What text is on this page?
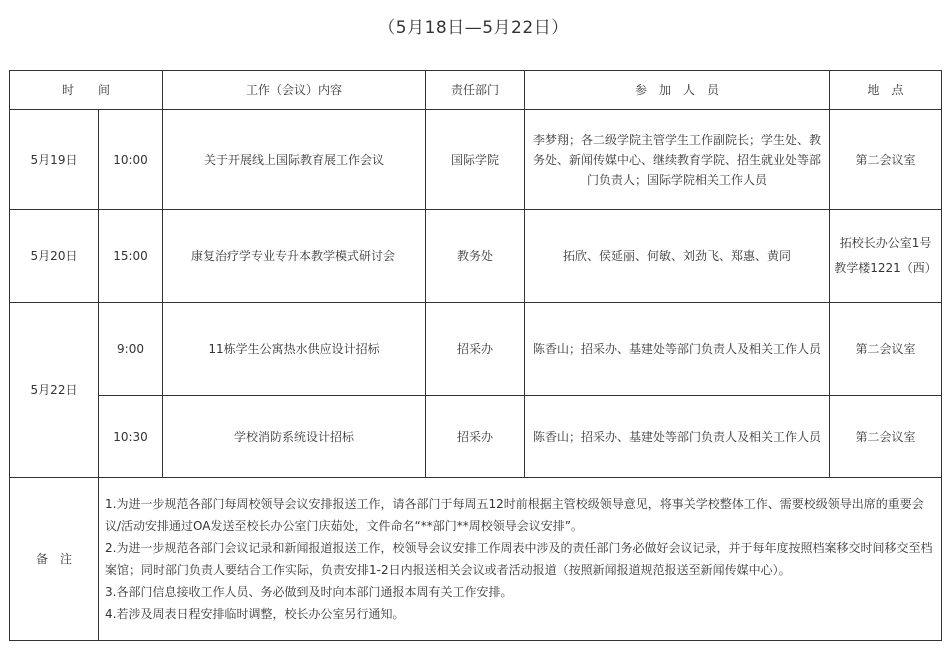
（5月18日—5月22日）
时　　间		工作（会议）内容	责任部门	参　加　人　员	地　点
5月19日	10:00	关于开展线上国际教育展工作会议	国际学院	李梦翔；各二级学院主管学生工作副院长；学生处、教务处、新闻传媒中心、继续教育学院、招生就业处等部门负责人；国际学院相关工作人员	第二会议室
5月20日	15:00	康复治疗学专业专升本教学模式研讨会	教务处	拓欣、侯延丽、何敏、刘劲飞、郑惠、黄同	拓校长办公室1号教学楼1221（西）
5月22日	9:00	11栋学生公寓热水供应设计招标	招采办	陈香山；招采办、基建处等部门负责人及相关工作人员	第二会议室
	10:30	学校消防系统设计招标	招采办	陈香山；招采办、基建处等部门负责人及相关工作人员	第二会议室
备　注	1.为进一步规范各部门每周校领导会议安排报送工作，请各部门于每周五12时前根据主管校级领导意见，将事关学校整体工作、需要校级领导出席的重要会议/活动安排通过OA发送至校长办公室门庆茹处，文件命名“**部门**周校领导会议安排”。
2.为进一步规范各部门会议记录和新闻报道报送工作，校领导会议安排工作周表中涉及的责任部门务必做好会议记录，并于每年度按照档案移交时间移交至档案馆；同时部门负责人要结合工作实际，负责安排1-2日内报送相关会议或者活动报道（按照新闻报道规范报送至新闻传媒中心）。
3.各部门信息接收工作人员、务必做到及时向本部门通报本周有关工作安排。
4.若涉及周表日程安排临时调整，校长办公室另行通知。				
